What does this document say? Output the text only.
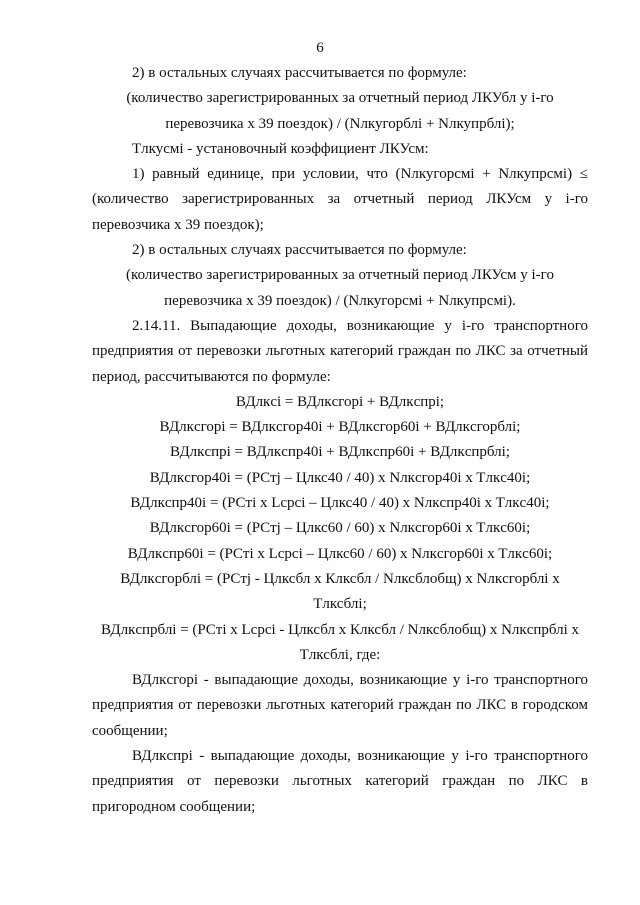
6

2) в остальных случаях рассчитывается по формуле:

(количество зарегистрированных за отчетный период ЛКУбл у i-го перевозчика x 39 поездок) / (Nлкугорблi + Nлкупрблi);

Tлкуcмi - установочный коэффициент ЛКУсм:

1) равный единице, при условии, что (Nлкугорсмi + Nлкупрсмi) ≤ (количество зарегистрированных за отчетный период ЛКУсм у i-го перевозчика x 39 поездок);

2) в остальных случаях рассчитывается по формуле:

(количество зарегистрированных за отчетный период ЛКУсм у i-го перевозчика x 39 поездок) / (Nлкугорсмi + Nлкупрсмi).

2.14.11. Выпадающие доходы, возникающие у i-го транспортного предприятия от перевозки льготных категорий граждан по ЛКС за отчетный период, рассчитываются по формуле:

ВДлкci = ВДлкcгорi + ВДлкcпрi;

ВДлкcгорi = ВДлкcгор40i + ВДлкcгор60i + ВДлкcгорблi;

ВДлкcпрi = ВДлкcпр40i + ВДлкcпр60i + ВДлкcпрблi;

ВДлкcгор40i = (PCтj – Цлкс40 / 40) x Nлкcгор40i x Tлкc40i;

ВДлкcпр40i = (PCтi x Lсрci – Цлкс40 / 40) x Nлкcпр40i x Tлкc40i;

ВДлкcгор60i = (PCтj – Цлкс60 / 60) x Nлкcгор60i x Tлкc60i;

ВДлкcпр60i = (PCтi x Lсрci – Цлкс60 / 60) x Nлкcгор60i x Tлкc60i;

ВДлкcгорблi = (PCтj - Цлксбл x Клксбл / Nлксблобщ) x Nлкcгорблi x Tлксблi;

ВДлкcпрблi = (PCтi x Lсрci - Цлксбл x Клксбл / Nлксблобщ) x Nлкcпрблi x Tлксблi, где:

ВДлкcгорi - выпадающие доходы, возникающие у i-го транспортного предприятия от перевозки льготных категорий граждан по ЛКС в городском сообщении;

ВДлкcпрi - выпадающие доходы, возникающие у i-го транспортного предприятия от перевозки льготных категорий граждан по ЛКС в пригородном сообщении;
